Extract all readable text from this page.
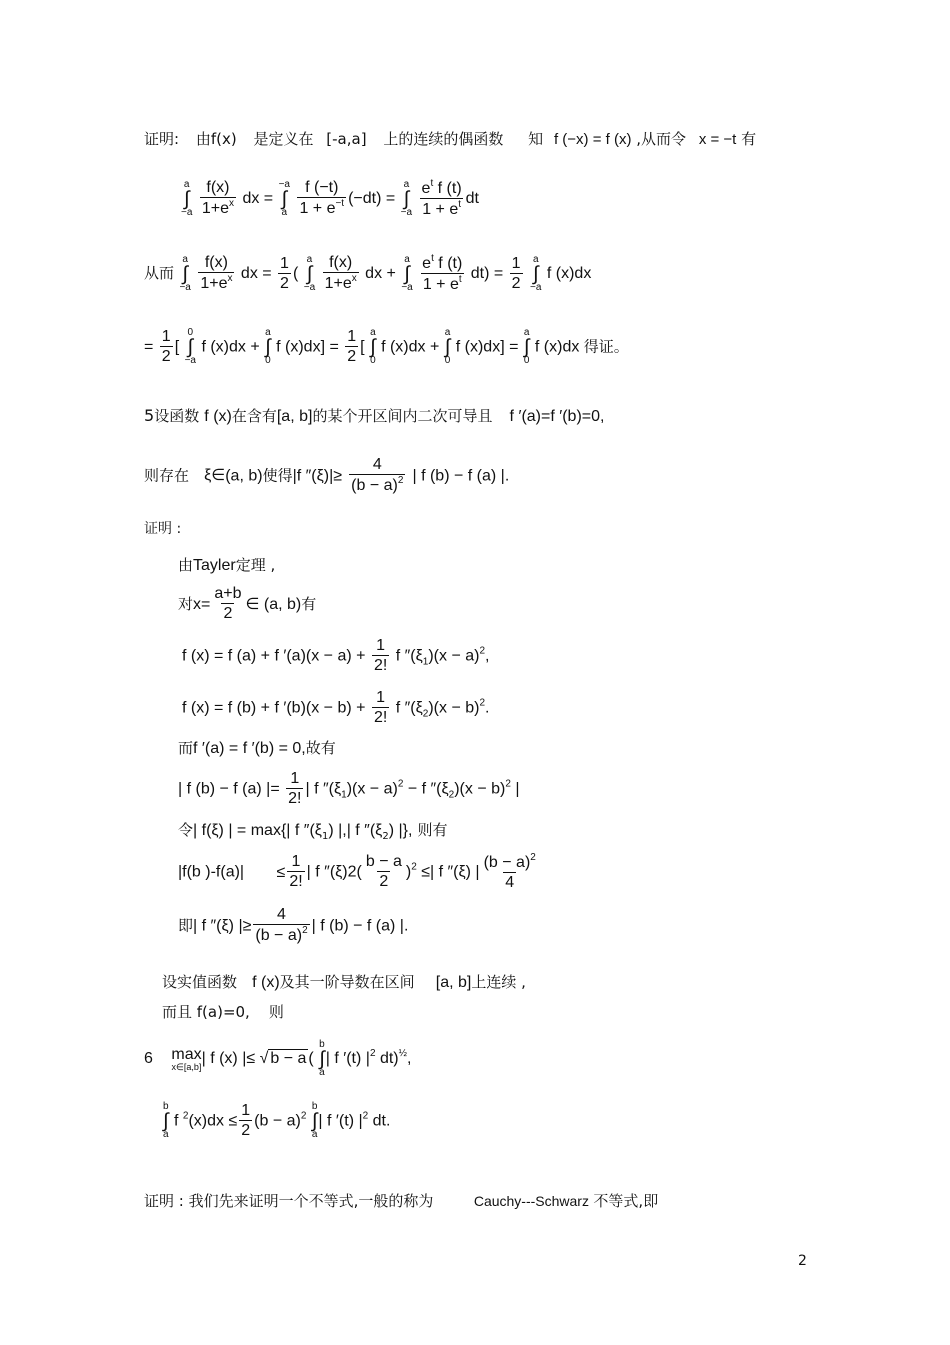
证明: 由f(x) 是定义在 [-a,a] 上的连续的偶函数 知 f (−x) = f (x) ,从而令 x = −t 有
a
∫
−a
$\frac{f(x)}{1+e^x}$ dx =
−a
∫
a
$\frac{f (-t)}{1 + e^{-t}} (-dt)$ =
a
∫
−a
$\frac{e^t f (t)}{1 + e^t}$ dt
从而
a
∫
−a
$\frac{f(x)}{1+e^x}$ dx = $\frac{1}{2}$ (
a
∫
−a
$\frac{f(x)}{1+e^x}$ dx +
a
∫
−a
$\frac{e^t f (t)}{1 + e^t} dt) = \frac{1}{2}$
a
∫
−a
f (x)dx
= $\frac{1}{2}$ [
0
∫
−a
f (x)dx +
a
∫
0
f $(x)dx] = \frac{1}{2}$ [
a
∫
0
f (x)dx +
a
∫
0
f (x)dx] =
a
∫
0
f (x)dx 得证。
5设函数 f (x)在含有[a, b]的某个开区间内二次可导且 f ′(a)=f ′(b)=0,
则存在 ξ∈(a, b)使得|f $''(\xi)|\ge \frac{4}{(b - a)^2}$ | f (b) − f (a) |.
证明 :
由Tayler定理 ,
对$x= \frac{a+b}{2}$ ∈ (a, b)有
f (x) = f (a) + f $'(a)(x - a) + \frac{1}{2!}$ f $''(\xi_1)(x - a)^2$,
f (x) = f (b) + f $'(b)(x - b) + \frac{1}{2!}$ f $''(\xi_2)(x - b)^2$.
而f ′(a) = f ′(b) = 0,故有
| f (b) − f (a) |= $\frac{1}{2!}$ | f $''(\xi_1)(x - a)^2 - f$ $''(\xi_2)(x - b)^2$ |
令| f(ξ) | = max{| f $''(\xi_1)$ |,| f $''(\xi_2)$ |}, 则有
|f(b )$-f(a)| \le \frac{1}{2!}$ | f $''(\xi)2( \frac{b - a}{2} )^2$ ≤| f ″(ξ) | $\frac{(b - a)^2}{4}$
即| f ″(ξ) |≥ $\frac{4}{(b - a)^2}$ | f (b) − f (a) |.
设实值函数 f (x)及其一阶导数在区间 [a, b]上连续 ,
而且 f(a)=0, 则
6 max
x∈[a,b] | f (x) |≤ √ b − a (
b
∫
a
| f ′(t) $|^2$ dt)$^{\frac{1}{2}}$,
b
∫
a
f $^2(x)dx \le \frac{1}{2} (b - a)^2$
b
∫
a
| f ′(t) $|^2$ dt.
证明 : 我们先来证明一个不等式,一般的称为	Cauchy---Schwarz 不等式,即
2
